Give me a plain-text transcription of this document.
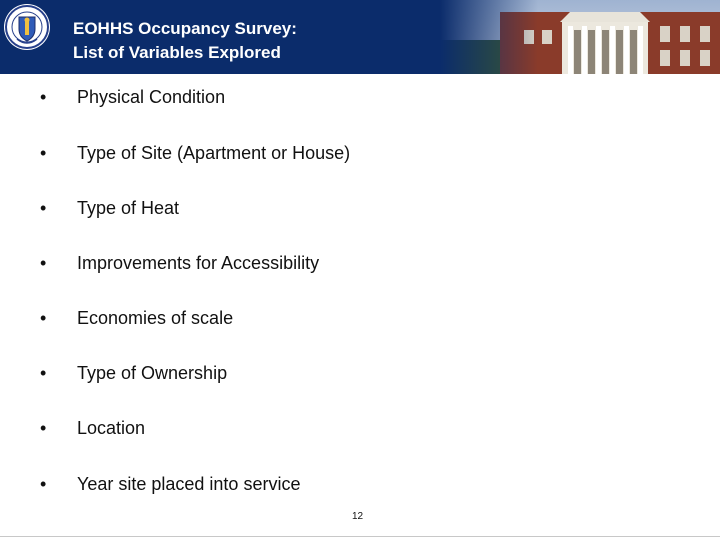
EOHHS Occupancy Survey:
List of Variables Explored
• Physical Condition
• Type of Site (Apartment or House)
• Type of Heat
• Improvements for Accessibility
• Economies of scale
• Type of Ownership
• Location
• Year site placed into service
12
